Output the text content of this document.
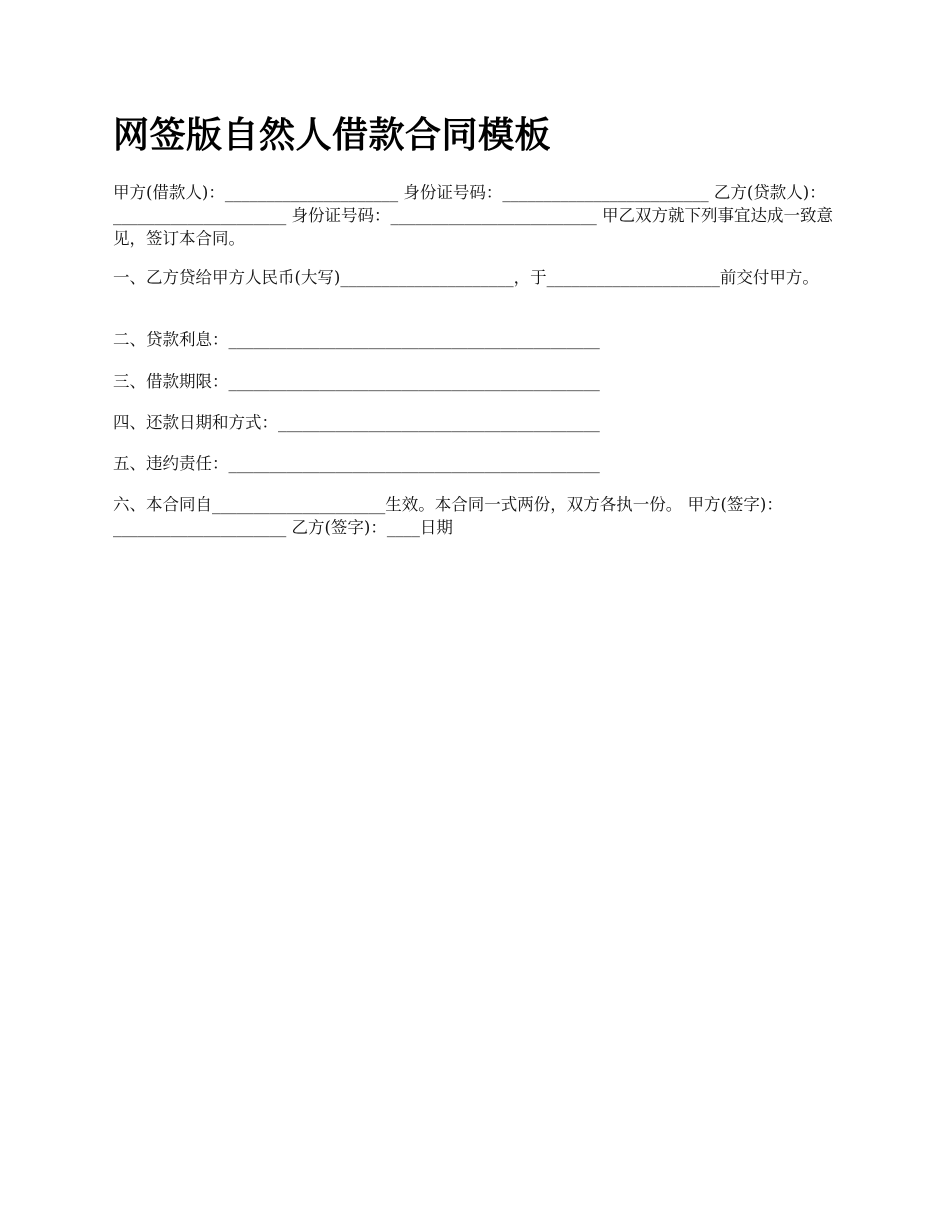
网签版自然人借款合同模板

甲方(借款人)：_____________________ 身份证号码：_________________________ 乙方(贷款人)：_____________________ 身份证号码：_________________________ 甲乙双方就下列事宜达成一致意见，签订本合同。

一、乙方贷给甲方人民币(大写)_____________________，于_____________________前交付甲方。

二、贷款利息：_____________________________________________

三、借款期限：_____________________________________________

四、还款日期和方式：_______________________________________

五、违约责任：_____________________________________________

六、本合同自_____________________生效。本合同一式两份，双方各执一份。 甲方(签字)：_____________________ 乙方(签字)：____日期
